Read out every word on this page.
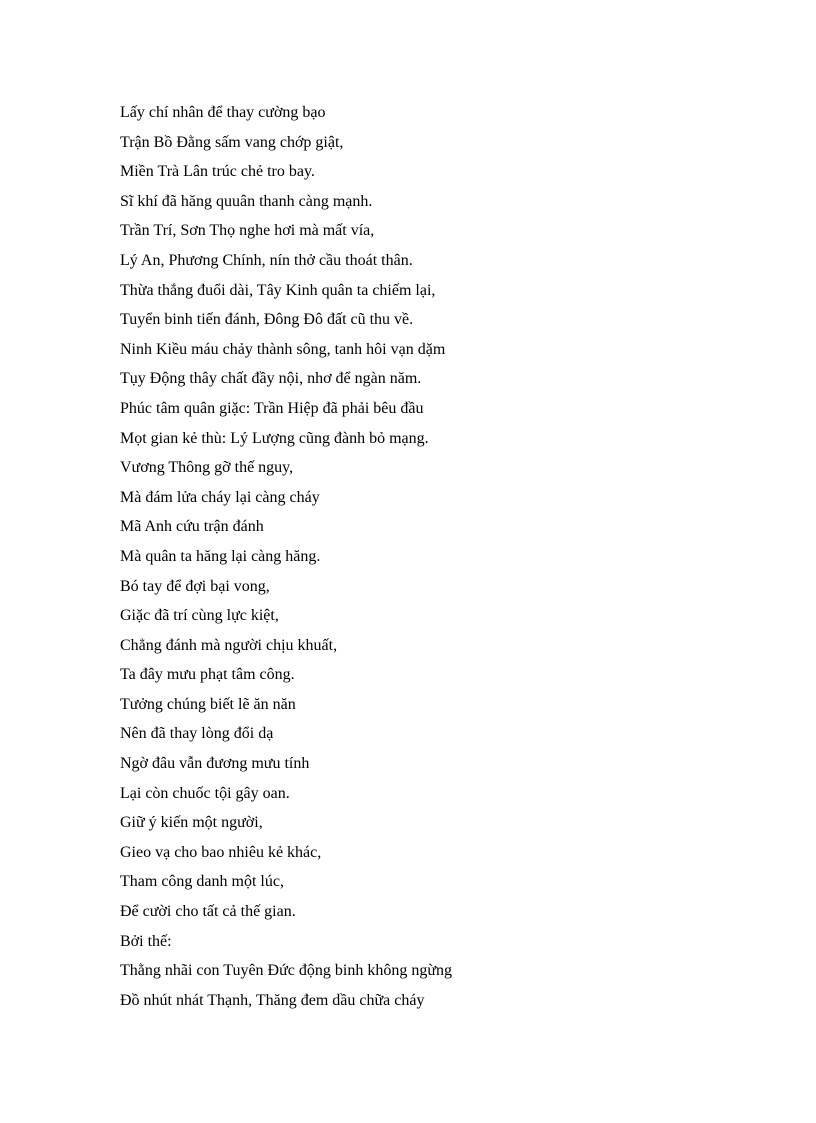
Lấy chí nhân để thay cường bạo
Trận Bồ Đằng sấm vang chớp giật,
Miền Trà Lân trúc chẻ tro bay.
Sĩ khí đã hăng quuân thanh càng mạnh.
Trần Trí, Sơn Thọ nghe hơi mà mất vía,
Lý An, Phương Chính, nín thở cầu thoát thân.
Thừa thắng đuổi dài, Tây Kinh quân ta chiếm lại,
Tuyển binh tiến đánh, Đông Đô đất cũ thu về.
Ninh Kiều máu chảy thành sông, tanh hôi vạn dặm
Tụy Động thây chất đầy nội, nhơ để ngàn năm.
Phúc tâm quân giặc: Trần Hiệp đã phải bêu đầu
Mọt gian kẻ thù: Lý Lượng cũng đành bỏ mạng.
Vương Thông gỡ thế nguy,
Mà đám lửa cháy lại càng cháy
Mã Anh cứu trận đánh
Mà quân ta hăng lại càng hăng.
Bó tay để đợi bại vong,
Giặc đã trí cùng lực kiệt,
Chẳng đánh mà người chịu khuất,
Ta đây mưu phạt tâm công.
Tưởng chúng biết lẽ ăn năn
Nên đã thay lòng đổi dạ
Ngờ đâu vẫn đương mưu tính
Lại còn chuốc tội gây oan.
Giữ ý kiến một người,
Gieo vạ cho bao nhiêu kẻ khác,
Tham công danh một lúc,
Để cười cho tất cả thế gian.
Bởi thế:
Thằng nhãi con Tuyên Đức động binh không ngừng
Đồ nhút nhát Thạnh, Thăng đem dầu chữa cháy
